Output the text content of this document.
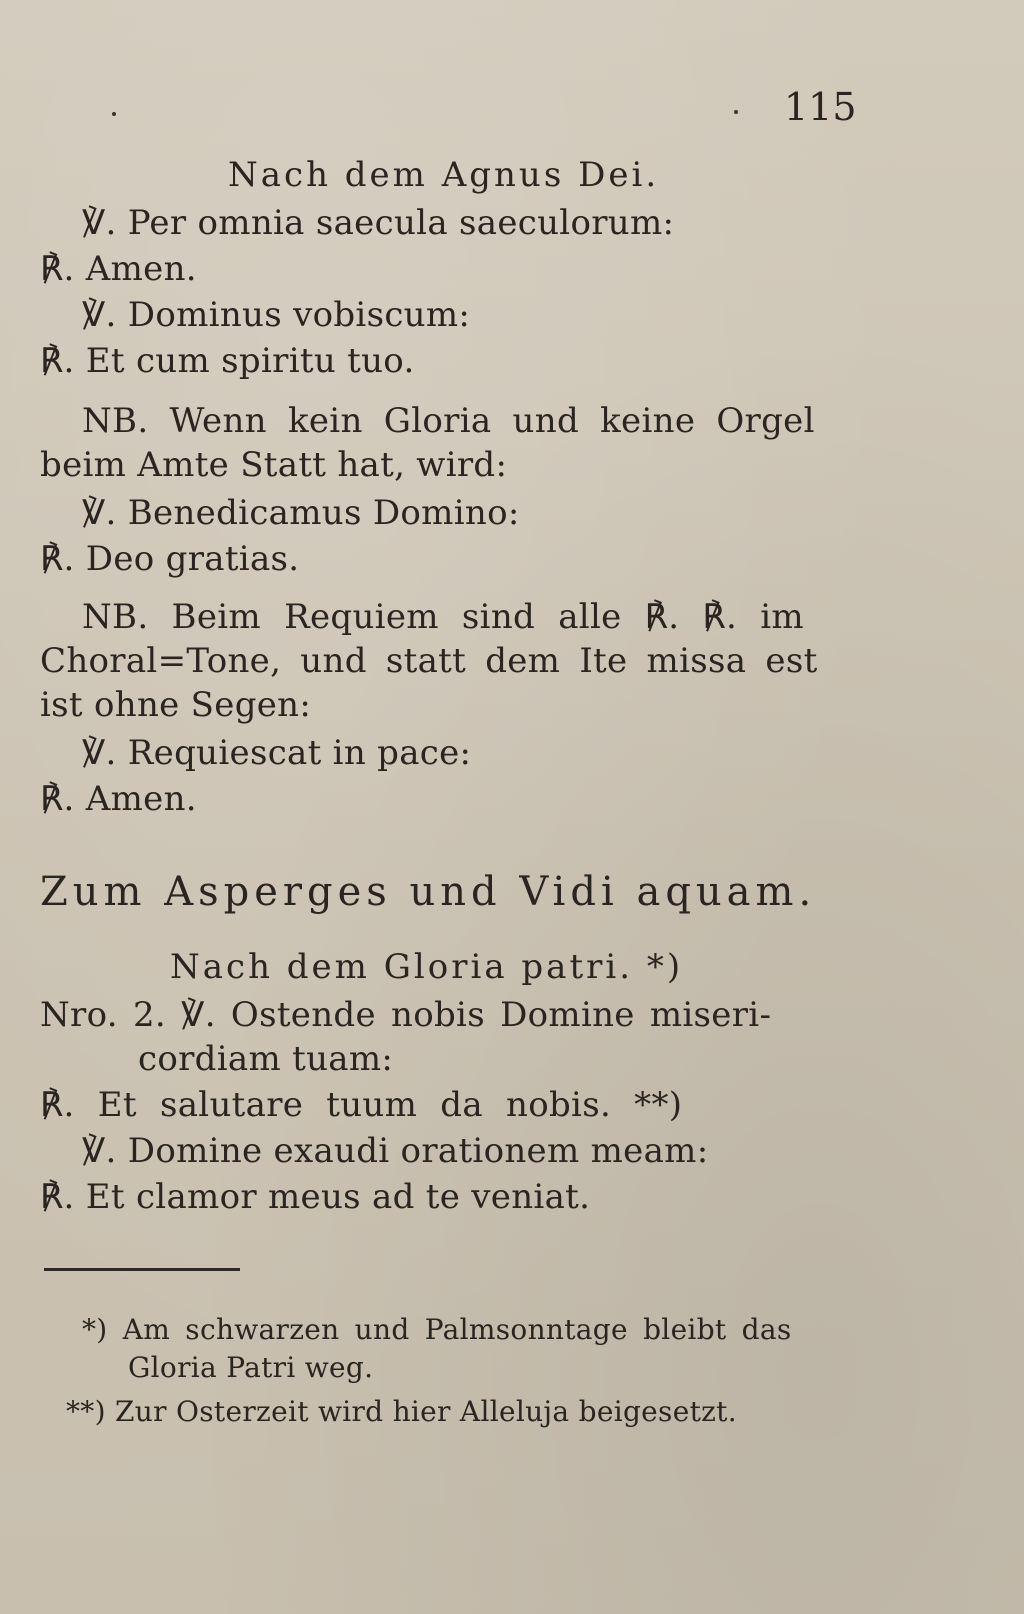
115
Nach dem Agnus Dei.
℣. Per omnia saecula saeculorum:
℟. Amen.
℣. Dominus vobiscum:
℟. Et cum spiritu tuo.
NB. Wenn kein Gloria und keine Orgel
beim Amte Statt hat, wird:
℣. Benedicamus Domino:
℟. Deo gratias.
NB. Beim Requiem sind alle ℟. ℟. im
Choral=Tone, und statt dem Ite missa est
ist ohne Segen:
℣. Requiescat in pace:
℟. Amen.
Zum Asperges und Vidi aquam.
Nach dem Gloria patri. *)
Nro. 2. ℣. Ostende nobis Domine miseri-
cordiam tuam:
℟. Et salutare tuum da nobis. **)
℣. Domine exaudi orationem meam:
℟. Et clamor meus ad te veniat.
*) Am schwarzen und Palmsonntage bleibt das
Gloria Patri weg.
**) Zur Osterzeit wird hier Alleluja beigesetzt.
